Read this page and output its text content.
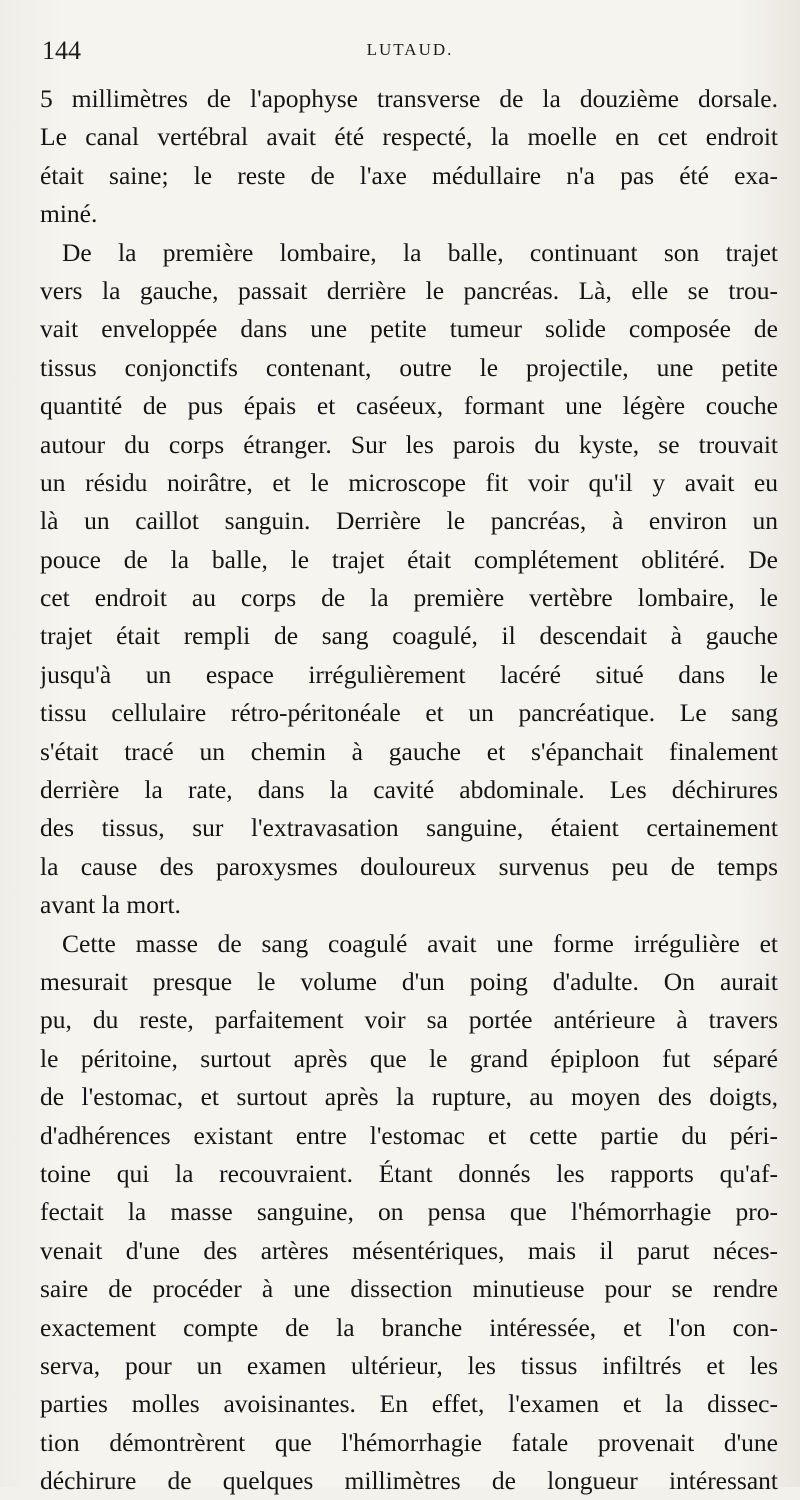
144	LUTAUD.
5 millimètres de l'apophyse transverse de la douzième dorsale.
Le canal vertébral avait été respecté, la moelle en cet endroit
était saine; le reste de l'axe médullaire n'a pas été exa-
miné.
De la première lombaire, la balle, continuant son trajet
vers la gauche, passait derrière le pancréas. Là, elle se trou-
vait enveloppée dans une petite tumeur solide composée de
tissus conjonctifs contenant, outre le projectile, une petite
quantité de pus épais et caséeux, formant une légère couche
autour du corps étranger. Sur les parois du kyste, se trouvait
un résidu noirâtre, et le microscope fit voir qu'il y avait eu
là un caillot sanguin. Derrière le pancréas, à environ un
pouce de la balle, le trajet était complétement oblitéré. De
cet endroit au corps de la première vertèbre lombaire, le
trajet était rempli de sang coagulé, il descendait à gauche
jusqu'à un espace irrégulièrement lacéré situé dans le
tissu cellulaire rétro-péritonéale et un pancréatique. Le sang
s'était tracé un chemin à gauche et s'épanchait finalement
derrière la rate, dans la cavité abdominale. Les déchirures
des tissus, sur l'extravasation sanguine, étaient certainement
la cause des paroxysmes douloureux survenus peu de temps
avant la mort.
Cette masse de sang coagulé avait une forme irrégulière et
mesurait presque le volume d'un poing d'adulte. On aurait
pu, du reste, parfaitement voir sa portée antérieure à travers
le péritoine, surtout après que le grand épiploon fut séparé
de l'estomac, et surtout après la rupture, au moyen des doigts,
d'adhérences existant entre l'estomac et cette partie du péri-
toine qui la recouvraient. Étant donnés les rapports qu'af-
fectait la masse sanguine, on pensa que l'hémorrhagie pro-
venait d'une des artères mésentériques, mais il parut néces-
saire de procéder à une dissection minutieuse pour se rendre
exactement compte de la branche intéressée, et l'on con-
serva, pour un examen ultérieur, les tissus infiltrés et les
parties molles avoisinantes. En effet, l'examen et la dissec-
tion démontrèrent que l'hémorrhagie fatale provenait d'une
déchirure de quelques millimètres de longueur intéressant
